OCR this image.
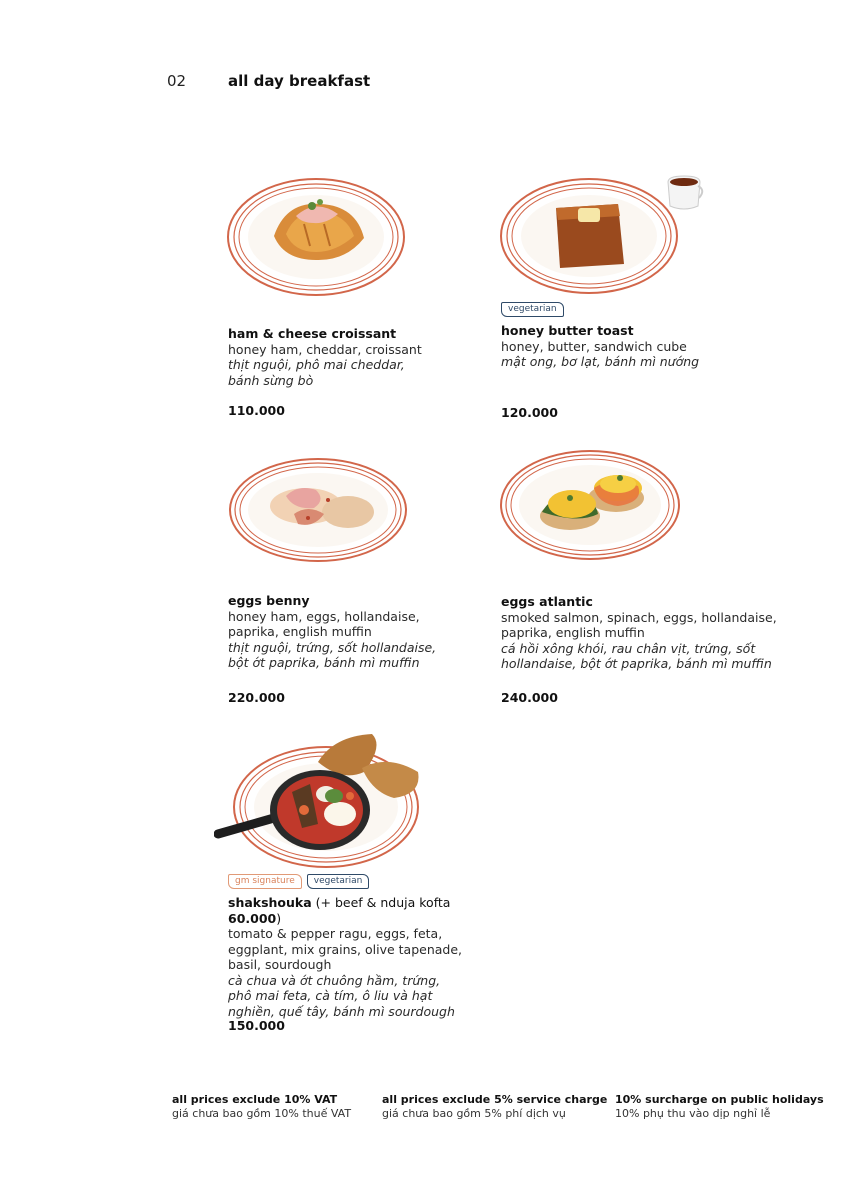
02	all day breakfast
ham & cheese croissant
honey ham, cheddar, croissant
thịt nguội, phô mai cheddar, bánh sừng bò
110.000
vegetarian
honey butter toast
honey, butter, sandwich cube
mật ong, bơ lạt, bánh mì nướng
120.000
eggs benny
honey ham, eggs, hollandaise, paprika, english muffin
thịt nguội, trứng, sốt hollandaise, bột ớt paprika, bánh mì muffin
220.000
eggs atlantic
smoked salmon, spinach, eggs, hollandaise, paprika, english muffin
cá hồi xông khói, rau chân vịt, trứng, sốt hollandaise, bột ớt paprika, bánh mì muffin
240.000
gm signature	vegetarian
shakshouka (+ beef & nduja kofta 60.000)
tomato & pepper ragu, eggs, feta, eggplant, mix grains, olive tapenade, basil, sourdough
cà chua và ớt chuông hầm, trứng, phô mai feta, cà tím, ô liu và hạt nghiền, quế tây, bánh mì sourdough
150.000
all prices exclude 10% VAT
giá chưa bao gồm 10% thuế VAT
all prices exclude 5% service charge
giá chưa bao gồm 5% phí dịch vụ
10% surcharge on public holidays
10% phụ thu vào dịp nghỉ lễ
